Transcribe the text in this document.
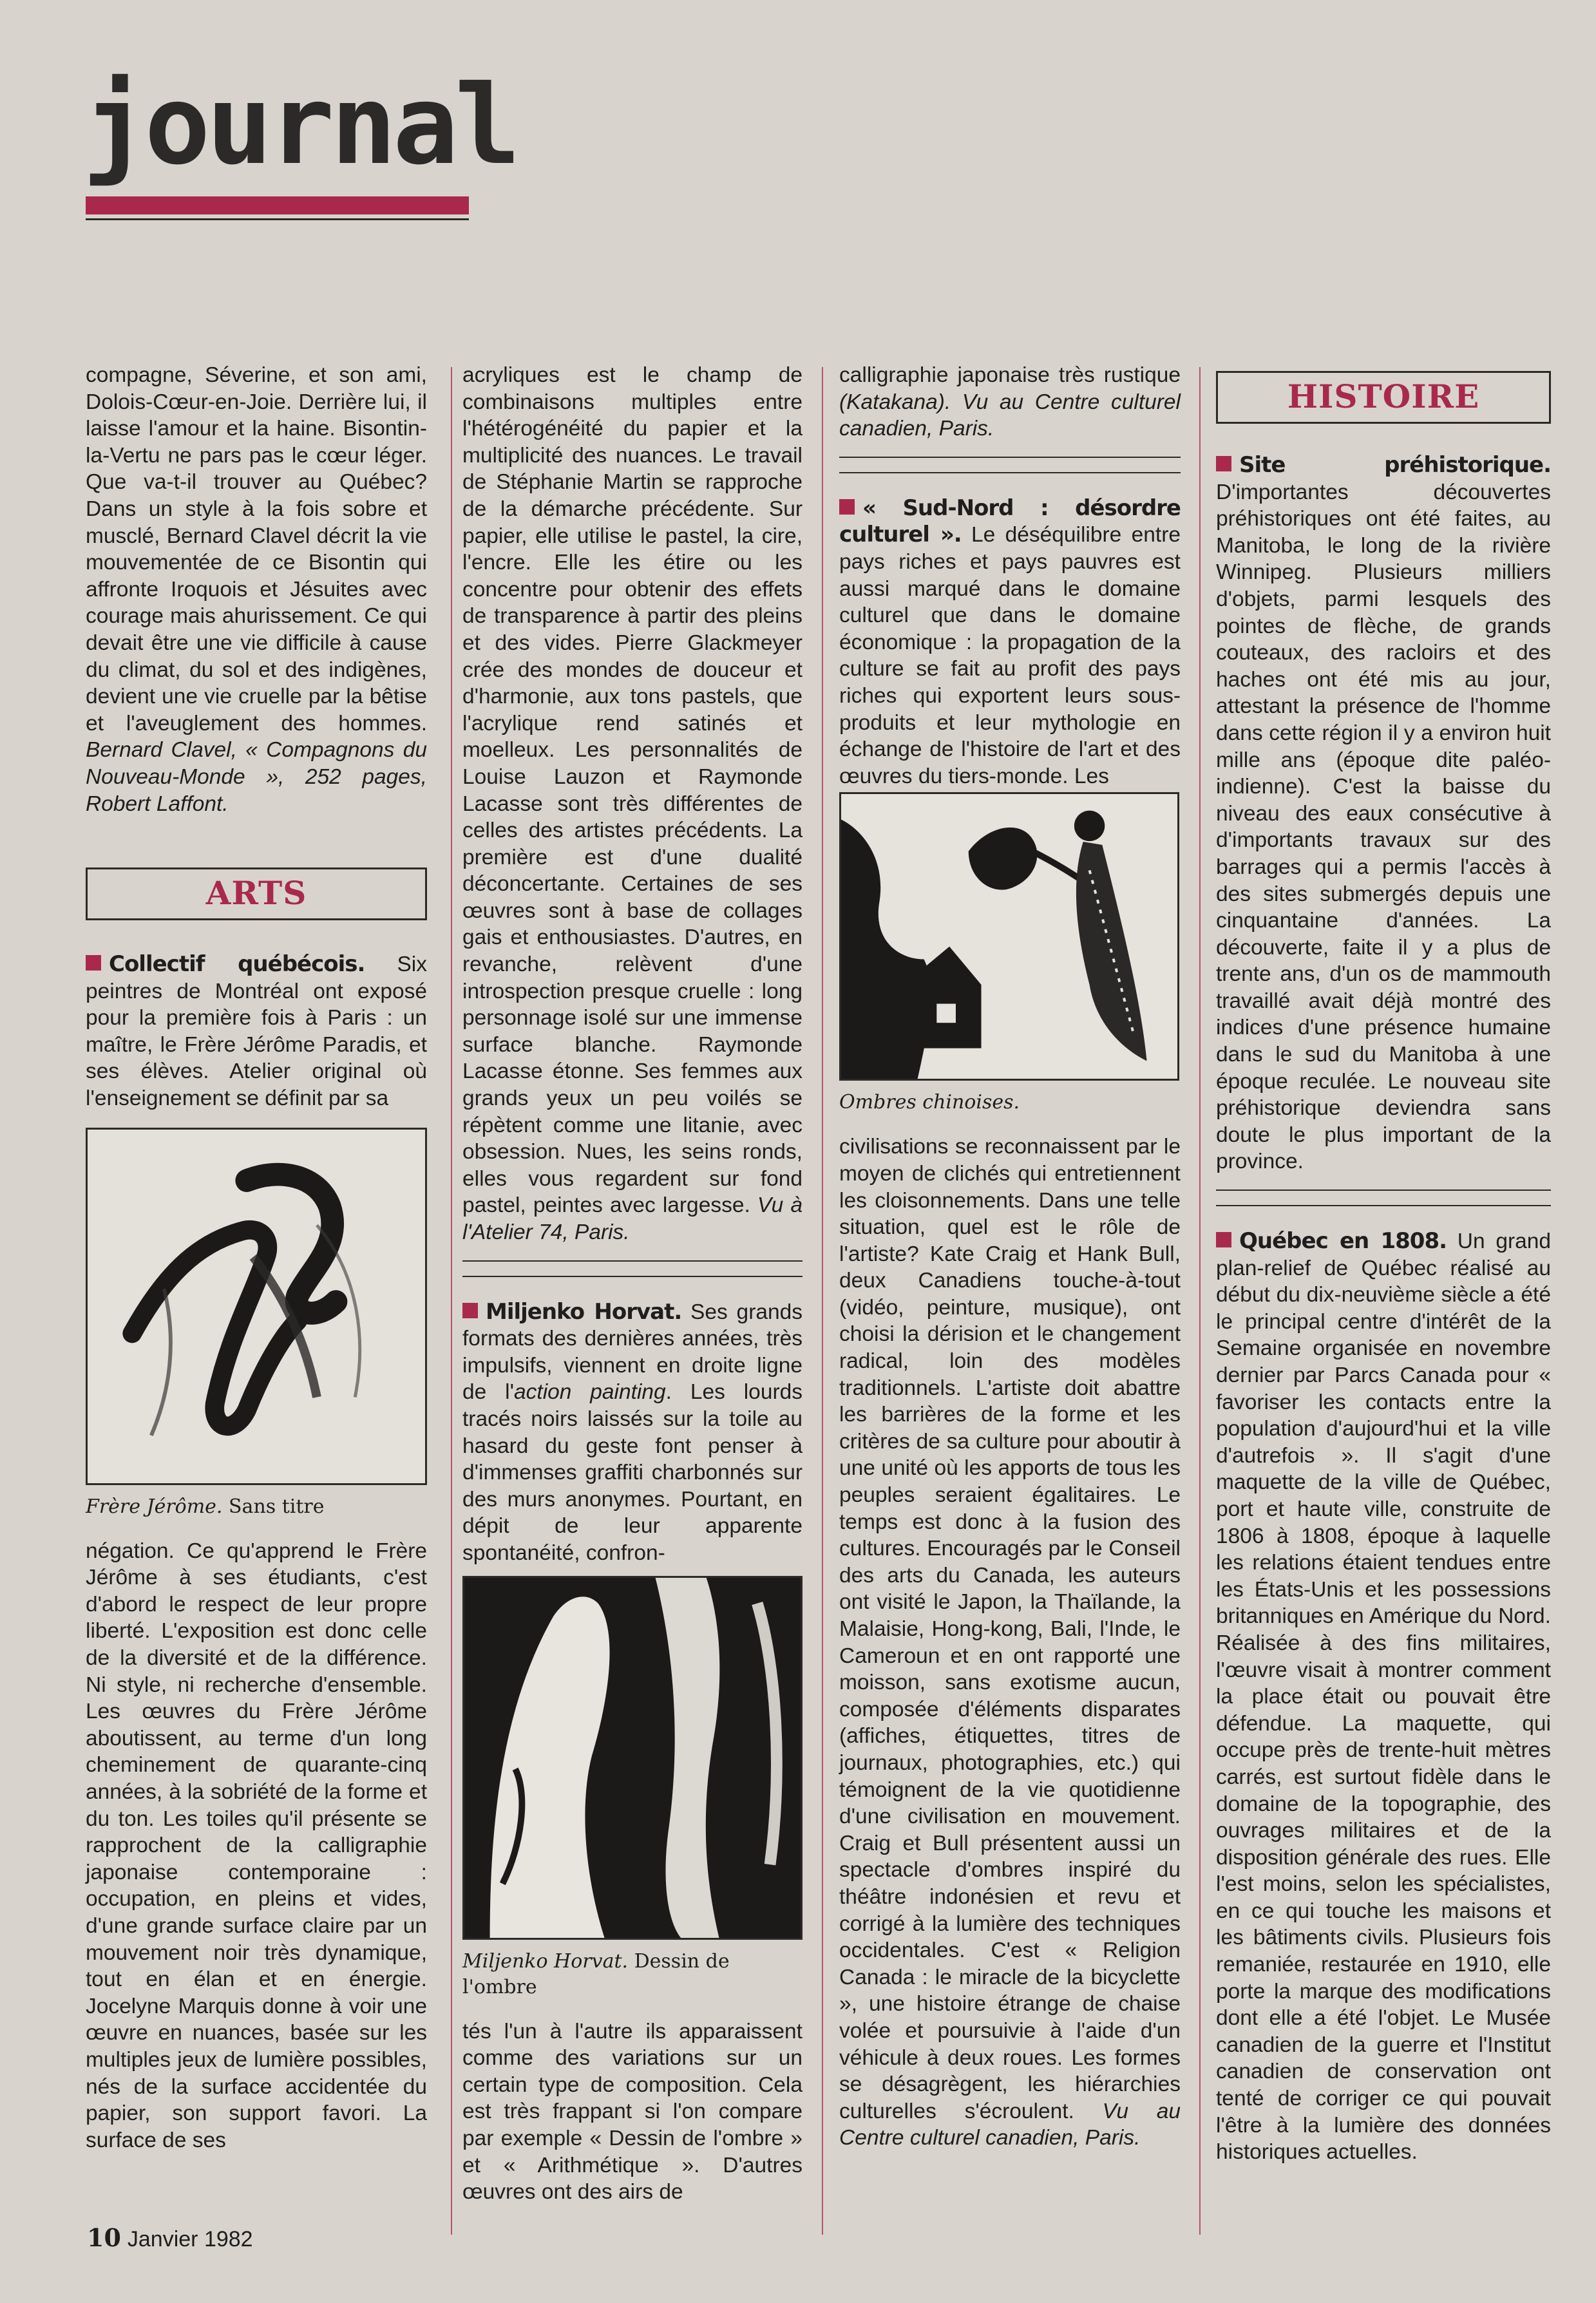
journal

compagne, Séverine, et son ami, Dolois-Cœur-en-Joie. Derrière lui, il laisse l'amour et la haine. Bisontin-la-Vertu ne pars pas le cœur léger. Que va-t-il trouver au Québec? Dans un style à la fois sobre et musclé, Bernard Clavel décrit la vie mouvementée de ce Bisontin qui affronte Iroquois et Jésuites avec courage mais ahurissement. Ce qui devait être une vie difficile à cause du climat, du sol et des indigènes, devient une vie cruelle par la bêtise et l'aveuglement des hommes. Bernard Clavel, « Compagnons du Nouveau-Monde », 252 pages, Robert Laffont.

ARTS

Collectif québécois. Six peintres de Montréal ont exposé pour la première fois à Paris : un maître, le Frère Jérôme Paradis, et ses élèves. Atelier original où l'enseignement se définit par sa

Frère Jérôme. Sans titre

négation. Ce qu'apprend le Frère Jérôme à ses étudiants, c'est d'abord le respect de leur propre liberté. L'exposition est donc celle de la diversité et de la différence. Ni style, ni recherche d'ensemble. Les œuvres du Frère Jérôme aboutissent, au terme d'un long cheminement de quarante-cinq années, à la sobriété de la forme et du ton. Les toiles qu'il présente se rapprochent de la calligraphie japonaise contemporaine : occupation, en pleins et vides, d'une grande surface claire par un mouvement noir très dynamique, tout en élan et en énergie. Jocelyne Marquis donne à voir une œuvre en nuances, basée sur les multiples jeux de lumière possibles, nés de la surface accidentée du papier, son support favori. La surface de ses

acryliques est le champ de combinaisons multiples entre l'hétérogénéité du papier et la multiplicité des nuances. Le travail de Stéphanie Martin se rapproche de la démarche précédente. Sur papier, elle utilise le pastel, la cire, l'encre. Elle les étire ou les concentre pour obtenir des effets de transparence à partir des pleins et des vides. Pierre Glackmeyer crée des mondes de douceur et d'harmonie, aux tons pastels, que l'acrylique rend satinés et moelleux. Les personnalités de Louise Lauzon et Raymonde Lacasse sont très différentes de celles des artistes précédents. La première est d'une dualité déconcertante. Certaines de ses œuvres sont à base de collages gais et enthousiastes. D'autres, en revanche, relèvent d'une introspection presque cruelle : long personnage isolé sur une immense surface blanche. Raymonde Lacasse étonne. Ses femmes aux grands yeux un peu voilés se répètent comme une litanie, avec obsession. Nues, les seins ronds, elles vous regardent sur fond pastel, peintes avec largesse. Vu à l'Atelier 74, Paris.

Miljenko Horvat. Ses grands formats des dernières années, très impulsifs, viennent en droite ligne de l'action painting. Les lourds tracés noirs laissés sur la toile au hasard du geste font penser à d'immenses graffiti charbonnés sur des murs anonymes. Pourtant, en dépit de leur apparente spontanéité, confron-

Miljenko Horvat. Dessin de l'ombre

tés l'un à l'autre ils apparaissent comme des variations sur un certain type de composition. Cela est très frappant si l'on compare par exemple « Dessin de l'ombre » et « Arithmétique ». D'autres œuvres ont des airs de

calligraphie japonaise très rustique (Katakana). Vu au Centre culturel canadien, Paris.

« Sud-Nord : désordre culturel ». Le déséquilibre entre pays riches et pays pauvres est aussi marqué dans le domaine culturel que dans le domaine économique : la propagation de la culture se fait au profit des pays riches qui exportent leurs sous-produits et leur mythologie en échange de l'histoire de l'art et des œuvres du tiers-monde. Les

Ombres chinoises.

civilisations se reconnaissent par le moyen de clichés qui entretiennent les cloisonnements. Dans une telle situation, quel est le rôle de l'artiste? Kate Craig et Hank Bull, deux Canadiens touche-à-tout (vidéo, peinture, musique), ont choisi la dérision et le changement radical, loin des modèles traditionnels. L'artiste doit abattre les barrières de la forme et les critères de sa culture pour aboutir à une unité où les apports de tous les peuples seraient égalitaires. Le temps est donc à la fusion des cultures. Encouragés par le Conseil des arts du Canada, les auteurs ont visité le Japon, la Thaïlande, la Malaisie, Hong-kong, Bali, l'Inde, le Cameroun et en ont rapporté une moisson, sans exotisme aucun, composée d'éléments disparates (affiches, étiquettes, titres de journaux, photographies, etc.) qui témoignent de la vie quotidienne d'une civilisation en mouvement. Craig et Bull présentent aussi un spectacle d'ombres inspiré du théâtre indonésien et revu et corrigé à la lumière des techniques occidentales. C'est « Religion Canada : le miracle de la bicyclette », une histoire étrange de chaise volée et poursuivie à l'aide d'un véhicule à deux roues. Les formes se désagrègent, les hiérarchies culturelles s'écroulent. Vu au Centre culturel canadien, Paris.

HISTOIRE

Site préhistorique. D'importantes découvertes préhistoriques ont été faites, au Manitoba, le long de la rivière Winnipeg. Plusieurs milliers d'objets, parmi lesquels des pointes de flèche, de grands couteaux, des racloirs et des haches ont été mis au jour, attestant la présence de l'homme dans cette région il y a environ huit mille ans (époque dite paléo-indienne). C'est la baisse du niveau des eaux consécutive à d'importants travaux sur des barrages qui a permis l'accès à des sites submergés depuis une cinquantaine d'années. La découverte, faite il y a plus de trente ans, d'un os de mammouth travaillé avait déjà montré des indices d'une présence humaine dans le sud du Manitoba à une époque reculée. Le nouveau site préhistorique deviendra sans doute le plus important de la province.

Québec en 1808. Un grand plan-relief de Québec réalisé au début du dix-neuvième siècle a été le principal centre d'intérêt de la Semaine organisée en novembre dernier par Parcs Canada pour « favoriser les contacts entre la population d'aujourd'hui et la ville d'autrefois ». Il s'agit d'une maquette de la ville de Québec, port et haute ville, construite de 1806 à 1808, époque à laquelle les relations étaient tendues entre les États-Unis et les possessions britanniques en Amérique du Nord. Réalisée à des fins militaires, l'œuvre visait à montrer comment la place était ou pouvait être défendue. La maquette, qui occupe près de trente-huit mètres carrés, est surtout fidèle dans le domaine de la topographie, des ouvrages militaires et de la disposition générale des rues. Elle l'est moins, selon les spécialistes, en ce qui touche les maisons et les bâtiments civils. Plusieurs fois remaniée, restaurée en 1910, elle porte la marque des modifications dont elle a été l'objet. Le Musée canadien de la guerre et l'Institut canadien de conservation ont tenté de corriger ce qui pouvait l'être à la lumière des données historiques actuelles.

10 Janvier 1982
